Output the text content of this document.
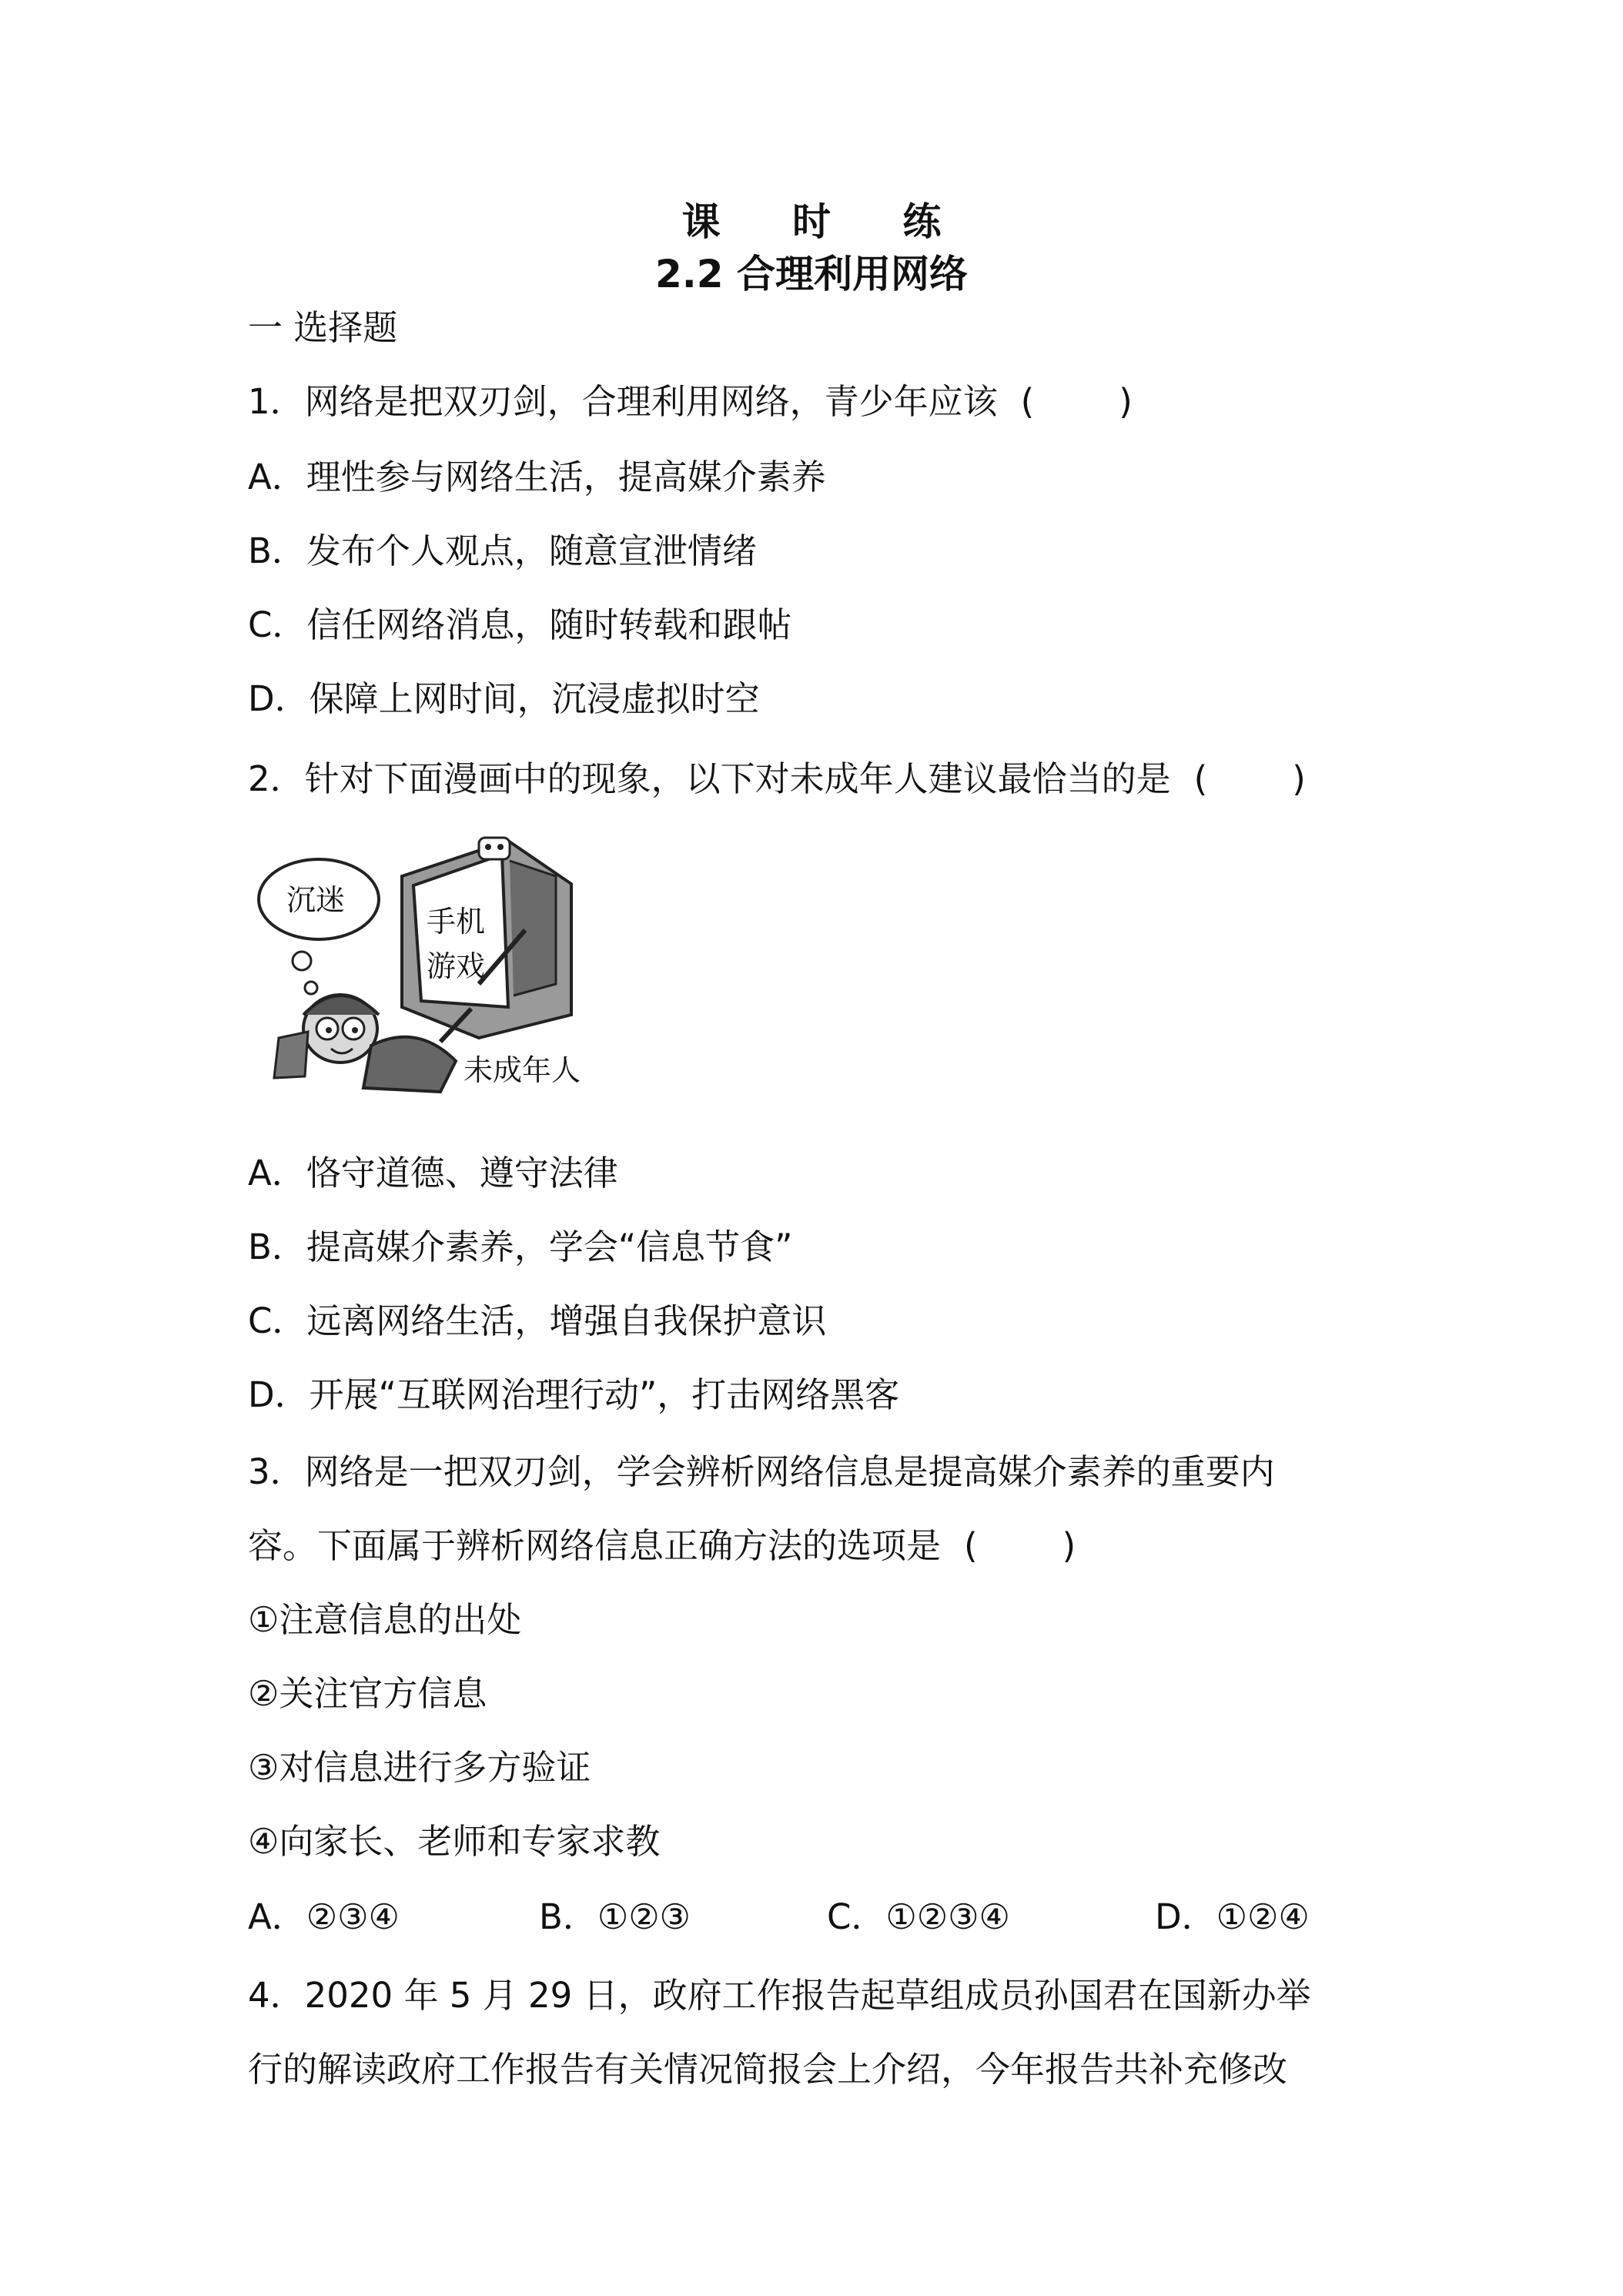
课 时 练
2.2 合理利用网络
一 选择题
1．网络是把双刃剑，合理利用网络，青少年应该 ( )
A．理性参与网络生活，提高媒介素养
B．发布个人观点，随意宣泄情绪
C．信任网络消息，随时转载和跟帖
D．保障上网时间，沉浸虚拟时空
2．针对下面漫画中的现象，以下对未成年人建议最恰当的是 ( )
沉迷
手机
游戏
未成年人
A．恪守道德、遵守法律
B．提高媒介素养，学会“信息节食”
C．远离网络生活，增强自我保护意识
D．开展“互联网治理行动”，打击网络黑客
3．网络是一把双刃剑，学会辨析网络信息是提高媒介素养的重要内
容。下面属于辨析网络信息正确方法的选项是 ( )
①注意信息的出处
②关注官方信息
③对信息进行多方验证
④向家长、老师和专家求教
A．②③④	B．①②③	C．①②③④	D．①②④
4．2020 年 5 月 29 日，政府工作报告起草组成员孙国君在国新办举
行的解读政府工作报告有关情况简报会上介绍，今年报告共补充修改
